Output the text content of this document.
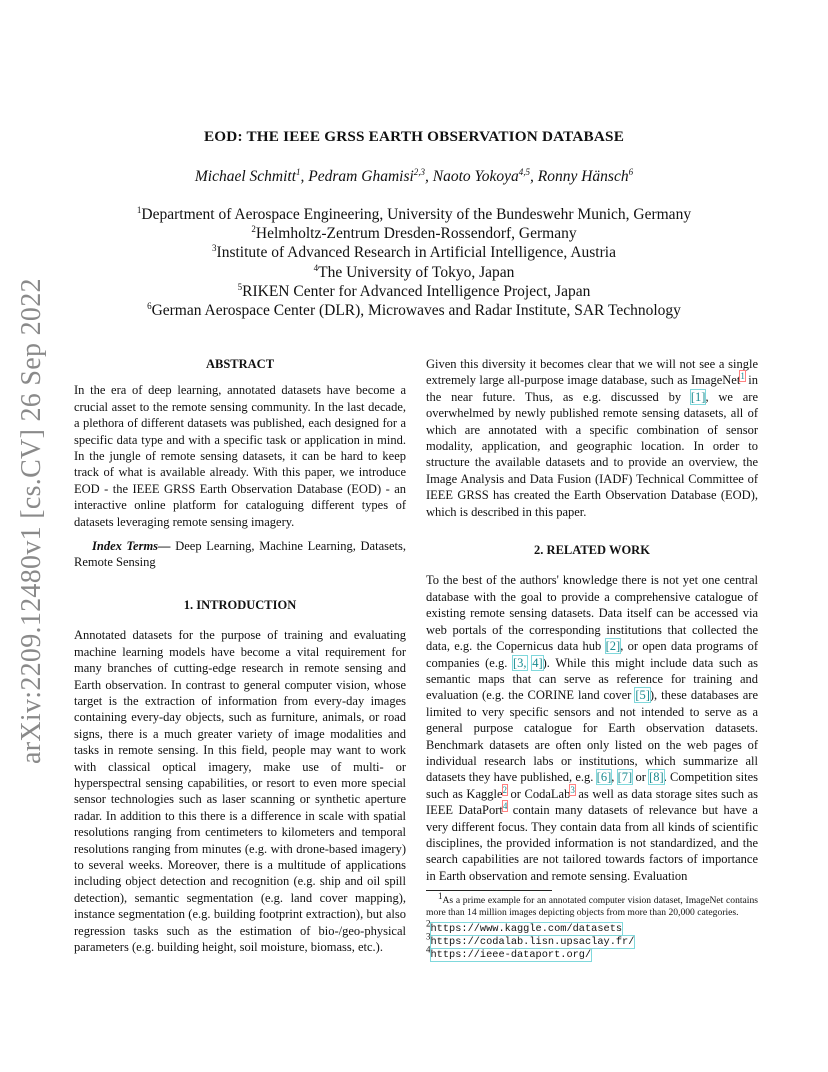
arXiv:2209.12480v1 [cs.CV] 26 Sep 2022
EOD: THE IEEE GRSS EARTH OBSERVATION DATABASE
Michael Schmitt$^1$, Pedram Ghamisi$^{2,3}$, Naoto Yokoya$^{4,5}$, Ronny Hänsch$^6$
$^1$Department of Aerospace Engineering, University of the Bundeswehr Munich, Germany
$^2$Helmholtz-Zentrum Dresden-Rossendorf, Germany
$^3$Institute of Advanced Research in Artificial Intelligence, Austria
$^4$The University of Tokyo, Japan
$^5$RIKEN Center for Advanced Intelligence Project, Japan
$^6$German Aerospace Center (DLR), Microwaves and Radar Institute, SAR Technology
ABSTRACT

In the era of deep learning, annotated datasets have become a crucial asset to the remote sensing community. In the last decade, a plethora of different datasets was published, each designed for a specific data type and with a specific task or application in mind. In the jungle of remote sensing datasets, it can be hard to keep track of what is available already. With this paper, we introduce EOD - the IEEE GRSS Earth Observation Database (EOD) - an interactive online platform for cataloguing different types of datasets leveraging remote sensing imagery.

Index Terms— Deep Learning, Machine Learning, Datasets, Remote Sensing

1. INTRODUCTION

Annotated datasets for the purpose of training and evaluating machine learning models have become a vital requirement for many branches of cutting-edge research in remote sensing and Earth observation. In contrast to general computer vision, whose target is the extraction of information from every-day images containing every-day objects, such as furniture, animals, or road signs, there is a much greater variety of image modalities and tasks in remote sensing. In this field, people may want to work with classical optical imagery, make use of multi- or hyperspectral sensing capabilities, or resort to even more special sensor technologies such as laser scanning or synthetic aperture radar. In addition to this there is a difference in scale with spatial resolutions ranging from centimeters to kilometers and temporal resolutions ranging from minutes (e.g. with drone-based imagery) to several weeks. Moreover, there is a multitude of applications including object detection and recognition (e.g. ship and oil spill detection), semantic segmentation (e.g. land cover mapping), instance segmentation (e.g. building footprint extraction), but also regression tasks such as the estimation of bio-/geo-physical parameters (e.g. building height, soil moisture, biomass, etc.).

Given this diversity it becomes clear that we will not see a single extremely large all-purpose image database, such as ImageNet$^1$ in the near future. Thus, as e.g. discussed by [1], we are overwhelmed by newly published remote sensing datasets, all of which are annotated with a specific combination of sensor modality, application, and geographic location. In order to structure the available datasets and to provide an overview, the Image Analysis and Data Fusion (IADF) Technical Committee of IEEE GRSS has created the Earth Observation Database (EOD), which is described in this paper.

2. RELATED WORK

To the best of the authors' knowledge there is not yet one central database with the goal to provide a comprehensive catalogue of existing remote sensing datasets. Data itself can be accessed via web portals of the corresponding institutions that collected the data, e.g. the Copernicus data hub [2], or open data programs of companies (e.g. [3, 4]). While this might include data such as semantic maps that can serve as reference for training and evaluation (e.g. the CORINE land cover [5]), these databases are limited to very specific sensors and not intended to serve as a general purpose catalogue for Earth observation datasets. Benchmark datasets are often only listed on the web pages of individual research labs or institutions, which summarize all datasets they have published, e.g. [6], [7] or [8]. Competition sites such as Kaggle$^2$ or CodaLab$^3$ as well as data storage sites such as IEEE DataPort$^4$ contain many datasets of relevance but have a very different focus. They contain data from all kinds of scientific disciplines, the provided information is not standardized, and the search capabilities are not tailored towards factors of importance in Earth observation and remote sensing. Evaluation

$^1$As a prime example for an annotated computer vision dataset, ImageNet contains more than 14 million images depicting objects from more than 20,000 categories.

$^2$https://www.kaggle.com/datasets
$^3$https://codalab.lisn.upsaclay.fr/
$^4$https://ieee-dataport.org/
